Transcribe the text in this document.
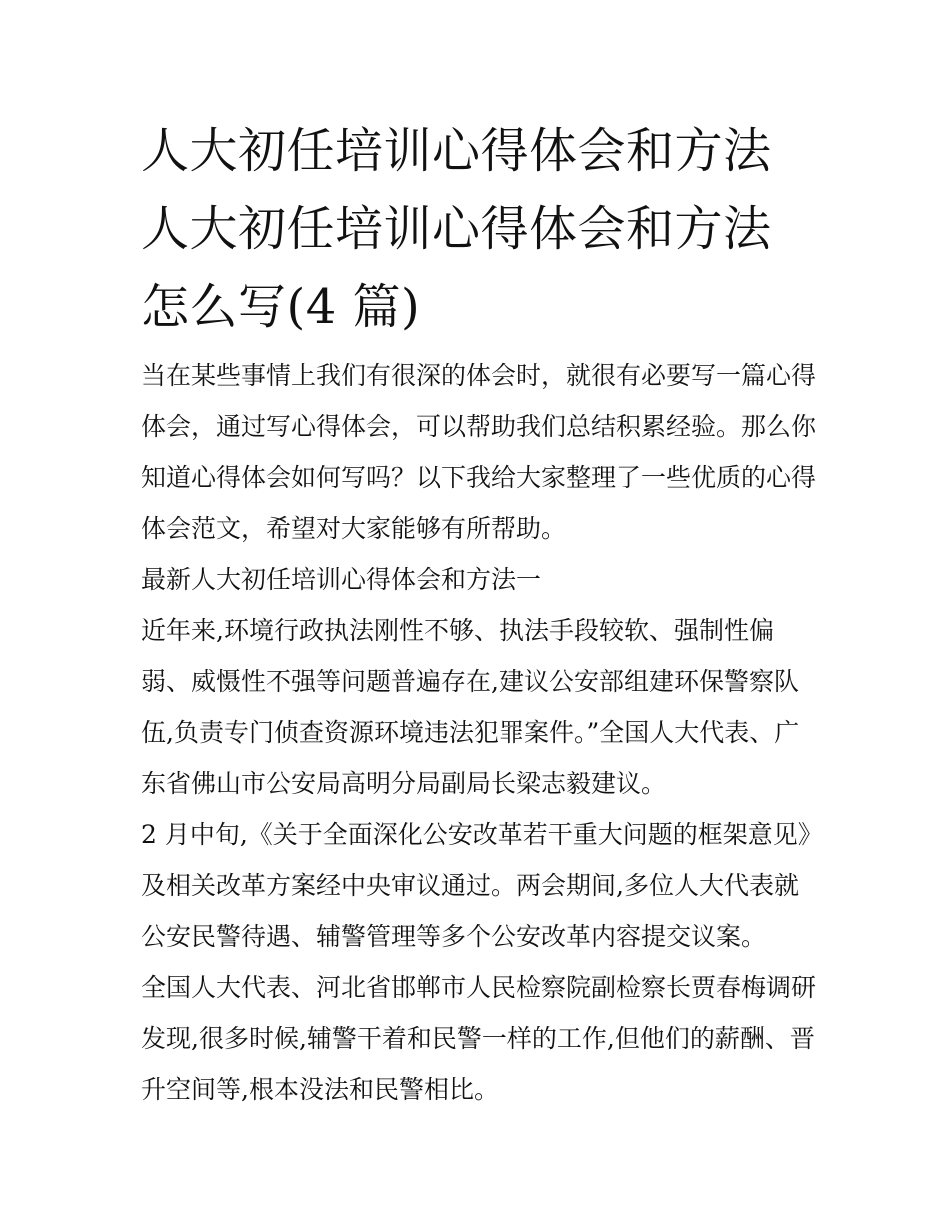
人大初任培训心得体会和方法
人大初任培训心得体会和方法
怎么写(4 篇)

当在某些事情上我们有很深的体会时，就很有必要写一篇心得
体会，通过写心得体会，可以帮助我们总结积累经验。那么你
知道心得体会如何写吗？以下我给大家整理了一些优质的心得
体会范文，希望对大家能够有所帮助。

最新人大初任培训心得体会和方法一

近年来,环境行政执法刚性不够、执法手段较软、强制性偏
弱、威慑性不强等问题普遍存在,建议公安部组建环保警察队
伍,负责专门侦查资源环境违法犯罪案件。”全国人大代表、广
东省佛山市公安局高明分局副局长梁志毅建议。

2 月中旬,《关于全面深化公安改革若干重大问题的框架意见》
及相关改革方案经中央审议通过。两会期间,多位人大代表就
公安民警待遇、辅警管理等多个公安改革内容提交议案。

全国人大代表、河北省邯郸市人民检察院副检察长贾春梅调研
发现,很多时候,辅警干着和民警一样的工作,但他们的薪酬、晋
升空间等,根本没法和民警相比。
